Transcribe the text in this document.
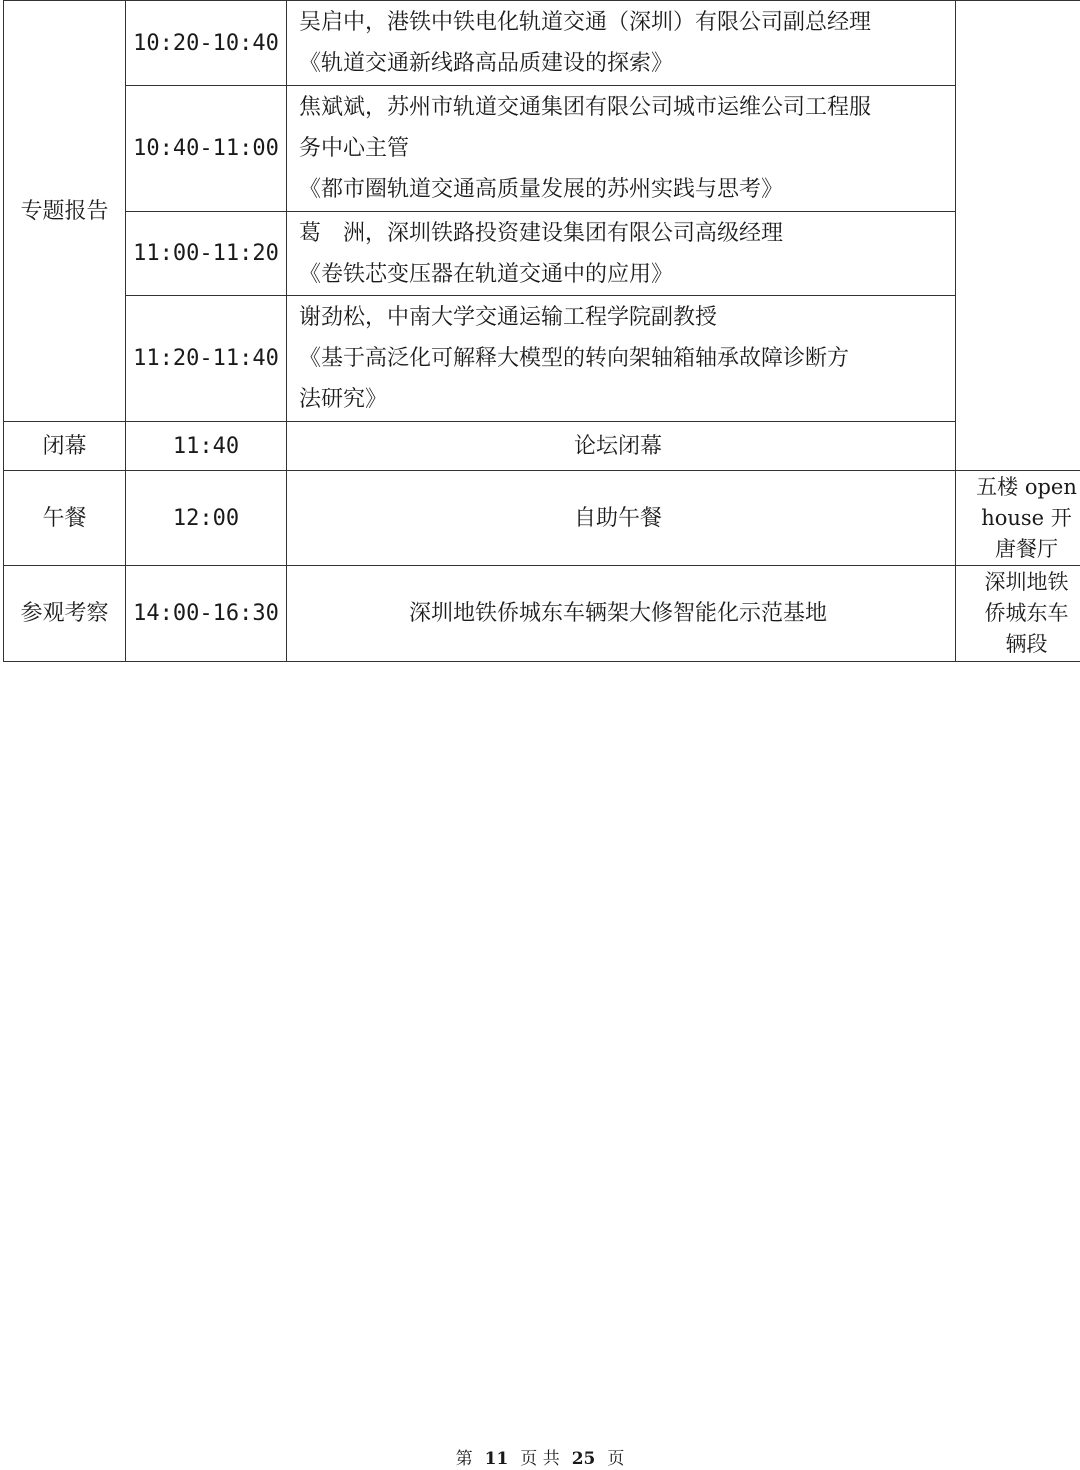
专题报告	10:20-10:40	吴启中，港铁中铁电化轨道交通（深圳）有限公司副总经理
《轨道交通新线路高品质建设的探索》	

	10:40-11:00	焦斌斌，苏州市轨道交通集团有限公司城市运维公司工程服
务中心主管
《都市圈轨道交通高质量发展的苏州实践与思考》	

	11:00-11:20	葛　洲，深圳铁路投资建设集团有限公司高级经理
《卷铁芯变压器在轨道交通中的应用》	

	11:20-11:40	谢劲松，中南大学交通运输工程学院副教授
《基于高泛化可解释大模型的转向架轴箱轴承故障诊断方
法研究》	

闭幕	11:40	论坛闭幕	
午餐	12:00	自助午餐	五楼 open
house 开
唐餐厅

参观考察	14:00-16:30	深圳地铁侨城东车辆架大修智能化示范基地	深圳地铁
侨城东车
辆段
第 11 页 共 25 页
